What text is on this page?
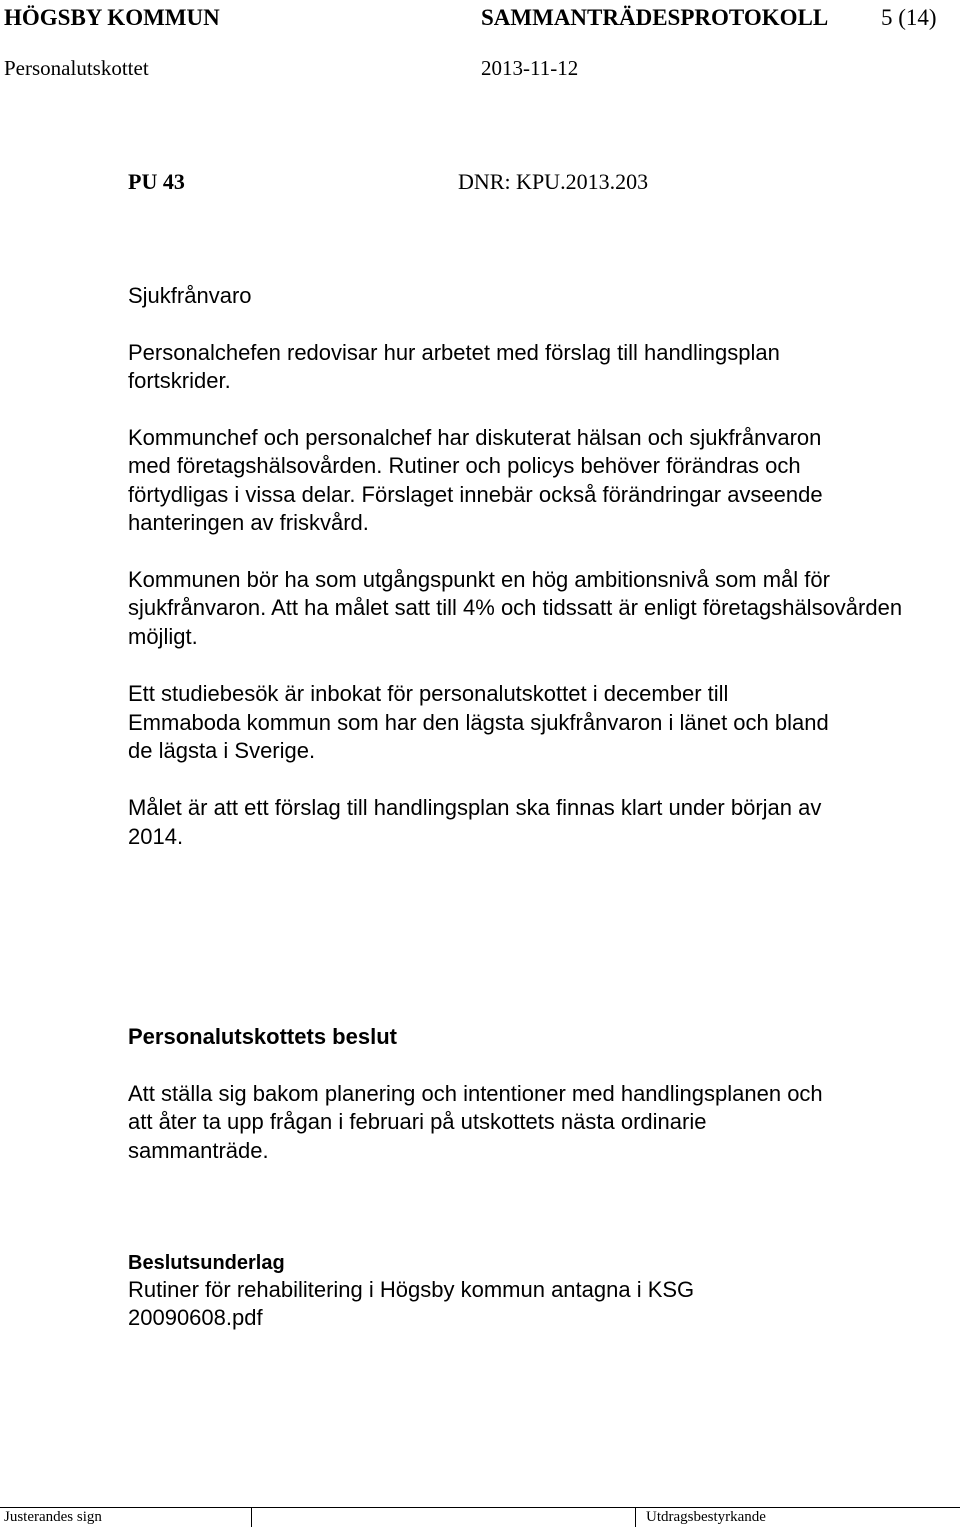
HÖGSBY KOMMUN	SAMMANTRÄDESPROTOKOLL 5 (14)
Personalutskottet	2013-11-12
PU 43	DNR: KPU.2013.203
Sjukfrånvaro
Personalchefen redovisar hur arbetet med förslag till handlingsplan
fortskrider.
Kommunchef och personalchef har diskuterat hälsan och sjukfrånvaron
med företagshälsovården. Rutiner och policys behöver förändras och
förtydligas i vissa delar. Förslaget innebär också förändringar avseende
hanteringen av friskvård.
Kommunen bör ha som utgångspunkt en hög ambitionsnivå som mål för
sjukfrånvaron. Att ha målet satt till 4% och tidssatt är enligt företagshälsovården
möjligt.
Ett studiebesök är inbokat för personalutskottet i december till
Emmaboda kommun som har den lägsta sjukfrånvaron i länet och bland
de lägsta i Sverige.
Målet är att ett förslag till handlingsplan ska finnas klart under början av
2014.
Personalutskottets beslut
Att ställa sig bakom planering och intentioner med handlingsplanen och
att åter ta upp frågan i februari på utskottets nästa ordinarie
sammanträde.
Beslutsunderlag
Rutiner för rehabilitering i Högsby kommun antagna i KSG
20090608.pdf
Justerandes sign	Utdragsbestyrkande
